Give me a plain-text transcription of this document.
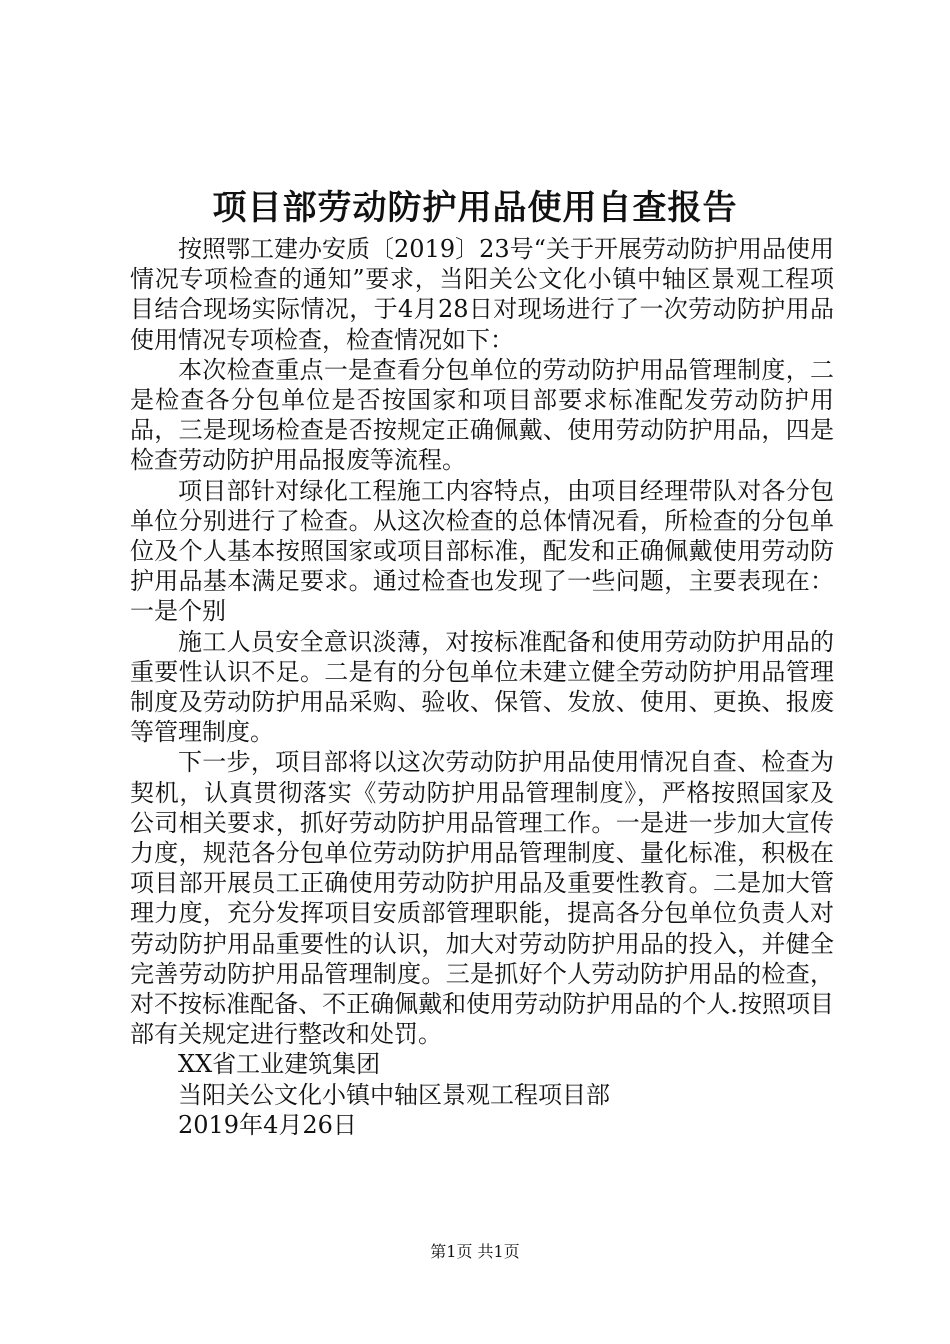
项目部劳动防护用品使用自查报告

按照鄂工建办安质〔2019〕23号“关于开展劳动防护用品使用情况专项检查的通知”要求，当阳关公文化小镇中轴区景观工程项目结合现场实际情况，于4月28日对现场进行了一次劳动防护用品使用情况专项检查，检查情况如下：

本次检查重点一是查看分包单位的劳动防护用品管理制度，二是检查各分包单位是否按国家和项目部要求标准配发劳动防护用品，三是现场检查是否按规定正确佩戴、使用劳动防护用品，四是检查劳动防护用品报废等流程。

项目部针对绿化工程施工内容特点，由项目经理带队对各分包单位分别进行了检查。从这次检查的总体情况看，所检查的分包单位及个人基本按照国家或项目部标准，配发和正确佩戴使用劳动防护用品基本满足要求。通过检查也发现了一些问题，主要表现在：一是个别

施工人员安全意识淡薄，对按标准配备和使用劳动防护用品的重要性认识不足。二是有的分包单位未建立健全劳动防护用品管理制度及劳动防护用品采购、验收、保管、发放、使用、更换、报废等管理制度。

下一步，项目部将以这次劳动防护用品使用情况自查、检查为契机，认真贯彻落实《劳动防护用品管理制度》，严格按照国家及公司相关要求，抓好劳动防护用品管理工作。一是进一步加大宣传力度，规范各分包单位劳动防护用品管理制度、量化标准，积极在项目部开展员工正确使用劳动防护用品及重要性教育。二是加大管理力度，充分发挥项目安质部管理职能，提高各分包单位负责人对劳动防护用品重要性的认识，加大对劳动防护用品的投入，并健全完善劳动防护用品管理制度。三是抓好个人劳动防护用品的检查，对不按标准配备、不正确佩戴和使用劳动防护用品的个人.按照项目部有关规定进行整改和处罚。

XX省工业建筑集团
当阳关公文化小镇中轴区景观工程项目部
2019年4月26日
第1页 共1页
